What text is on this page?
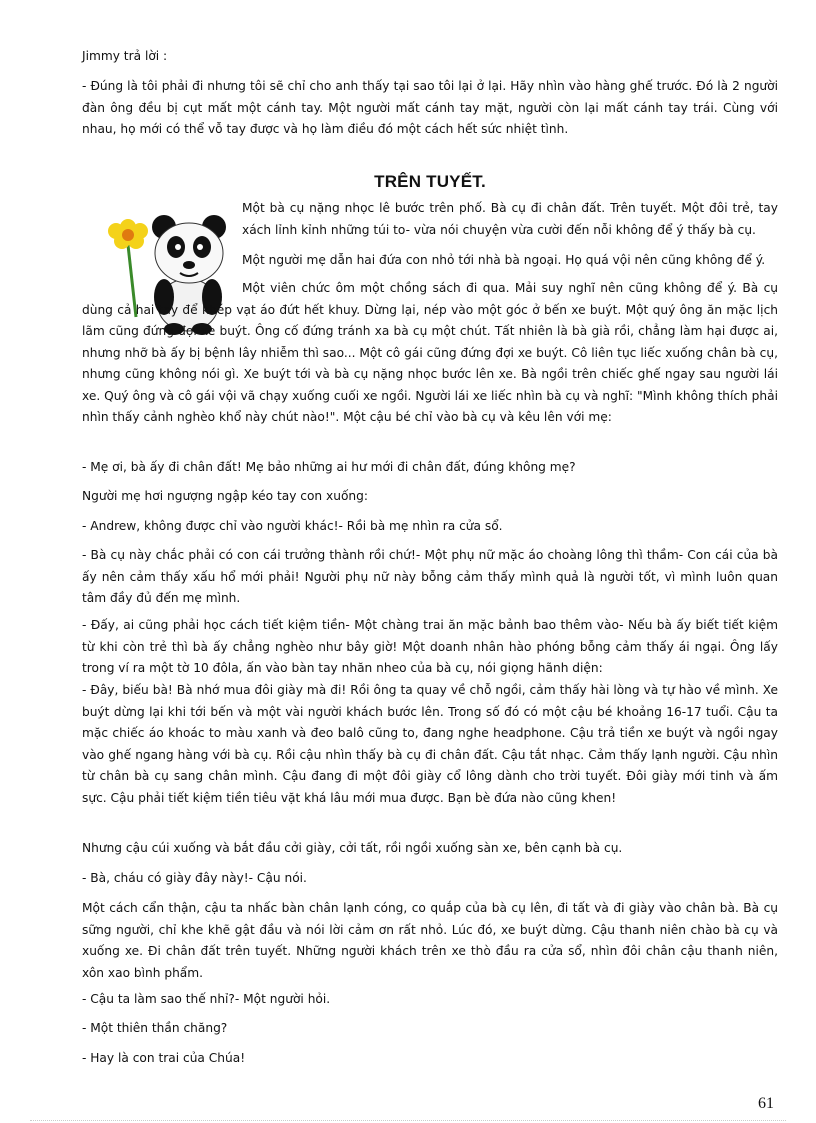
Jimmy trả lời :

- Đúng là tôi phải đi nhưng tôi sẽ chỉ cho anh thấy tại sao tôi lại ở lại. Hãy nhìn vào hàng ghế trước. Đó là 2 người đàn ông đều bị cụt mất một cánh tay. Một người mất cánh tay mặt, người còn lại mất cánh tay trái. Cùng với nhau, họ mới có thể vỗ tay được và họ làm điều đó một cách hết sức nhiệt tình.

TRÊN TUYẾT.

Một bà cụ nặng nhọc lê bước trên phố. Bà cụ đi chân đất. Trên tuyết. Một đôi trẻ, tay xách lỉnh kỉnh những túi to- vừa nói chuyện vừa cười đến nỗi không để ý thấy bà cụ.

Một người mẹ dẫn hai đứa con nhỏ tới nhà bà ngoại. Họ quá vội nên cũng không để ý.

Một viên chức ôm một chồng sách đi qua. Mải suy nghĩ nên cũng không để ý. Bà cụ dùng cả hai tay để khép vạt áo đứt hết khuy. Dừng lại, nép vào một góc ở bến xe buýt. Một quý ông ăn mặc lịch lãm cũng đứng đợi xe buýt. Ông cố đứng tránh xa bà cụ một chút. Tất nhiên là bà già rồi, chẳng làm hại được ai, nhưng nhỡ bà ấy bị bệnh lây nhiễm thì sao... Một cô gái cũng đứng đợi xe buýt. Cô liên tục liếc xuống chân bà cụ, nhưng cũng không nói gì. Xe buýt tới và bà cụ nặng nhọc bước lên xe. Bà ngồi trên chiếc ghế ngay sau người lái xe. Quý ông và cô gái vội vã chạy xuống cuối xe ngồi. Người lái xe liếc nhìn bà cụ và nghĩ: "Mình không thích phải nhìn thấy cảnh nghèo khổ này chút nào!". Một cậu bé chỉ vào bà cụ và kêu lên với mẹ:

- Mẹ ơi, bà ấy đi chân đất! Mẹ bảo những ai hư mới đi chân đất, đúng không mẹ?

Người mẹ hơi ngượng ngập kéo tay con xuống:

- Andrew, không được chỉ vào người khác!- Rồi bà mẹ nhìn ra cửa sổ.

- Bà cụ này chắc phải có con cái trưởng thành rồi chứ!- Một phụ nữ mặc áo choàng lông thì thầm- Con cái của bà ấy nên cảm thấy xấu hổ mới phải! Người phụ nữ này bỗng cảm thấy mình quả là người tốt, vì mình luôn quan tâm đầy đủ đến mẹ mình.

- Đấy, ai cũng phải học cách tiết kiệm tiền- Một chàng trai ăn mặc bảnh bao thêm vào- Nếu bà ấy biết tiết kiệm từ khi còn trẻ thì bà ấy chẳng nghèo như bây giờ! Một doanh nhân hào phóng bỗng cảm thấy ái ngại. Ông lấy trong ví ra một tờ 10 đôla, ấn vào bàn tay nhăn nheo của bà cụ, nói giọng hãnh diện:

- Đây, biếu bà! Bà nhớ mua đôi giày mà đi! Rồi ông ta quay về chỗ ngồi, cảm thấy hài lòng và tự hào về mình. Xe buýt dừng lại khi tới bến và một vài người khách bước lên. Trong số đó có một cậu bé khoảng 16-17 tuổi. Cậu ta mặc chiếc áo khoác to màu xanh và đeo balô cũng to, đang nghe headphone. Cậu trả tiền xe buýt và ngồi ngay vào ghế ngang hàng với bà cụ. Rồi cậu nhìn thấy bà cụ đi chân đất. Cậu tắt nhạc. Cảm thấy lạnh người. Cậu nhìn từ chân bà cụ sang chân mình. Cậu đang đi một đôi giày cổ lông dành cho trời tuyết. Đôi giày mới tinh và ấm sực. Cậu phải tiết kiệm tiền tiêu vặt khá lâu mới mua được. Bạn bè đứa nào cũng khen!

Nhưng cậu cúi xuống và bắt đầu cởi giày, cởi tất, rồi ngồi xuống sàn xe, bên cạnh bà cụ.

- Bà, cháu có giày đây này!- Cậu nói.

Một cách cẩn thận, cậu ta nhấc bàn chân lạnh cóng, co quắp của bà cụ lên, đi tất và đi giày vào chân bà. Bà cụ sững người, chỉ khe khẽ gật đầu và nói lời cảm ơn rất nhỏ. Lúc đó, xe buýt dừng. Cậu thanh niên chào bà cụ và xuống xe. Đi chân đất trên tuyết. Những người khách trên xe thò đầu ra cửa sổ, nhìn đôi chân cậu thanh niên, xôn xao bình phẩm.

- Cậu ta làm sao thế nhỉ?- Một người hỏi.

- Một thiên thần chăng?

- Hay là con trai của Chúa!

61
